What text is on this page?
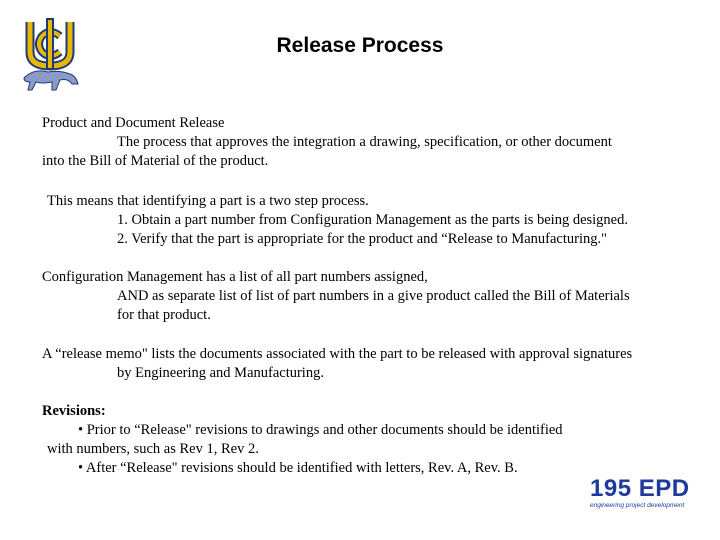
Release Process
Product and Document Release
The process that approves the integration a drawing, specification, or other document
into the Bill of Material of the product.
This means that identifying a part is a two step process.
1. Obtain a part number from Configuration Management as the parts is being designed.
2. Verify that the part is appropriate for the product and “Release to Manufacturing."
Configuration Management has a list of all part numbers assigned,
AND as separate list of list of part numbers in a give product called the Bill of Materials
for that product.
A “release memo" lists the documents associated with the part to be released with approval signatures
by Engineering and Manufacturing.
Revisions:
• Prior to “Release" revisions to drawings and other documents should be identified
with numbers, such as Rev 1, Rev 2.
• After “Release" revisions should be identified with letters, Rev. A, Rev. B.
195 EPD
engineering project development
